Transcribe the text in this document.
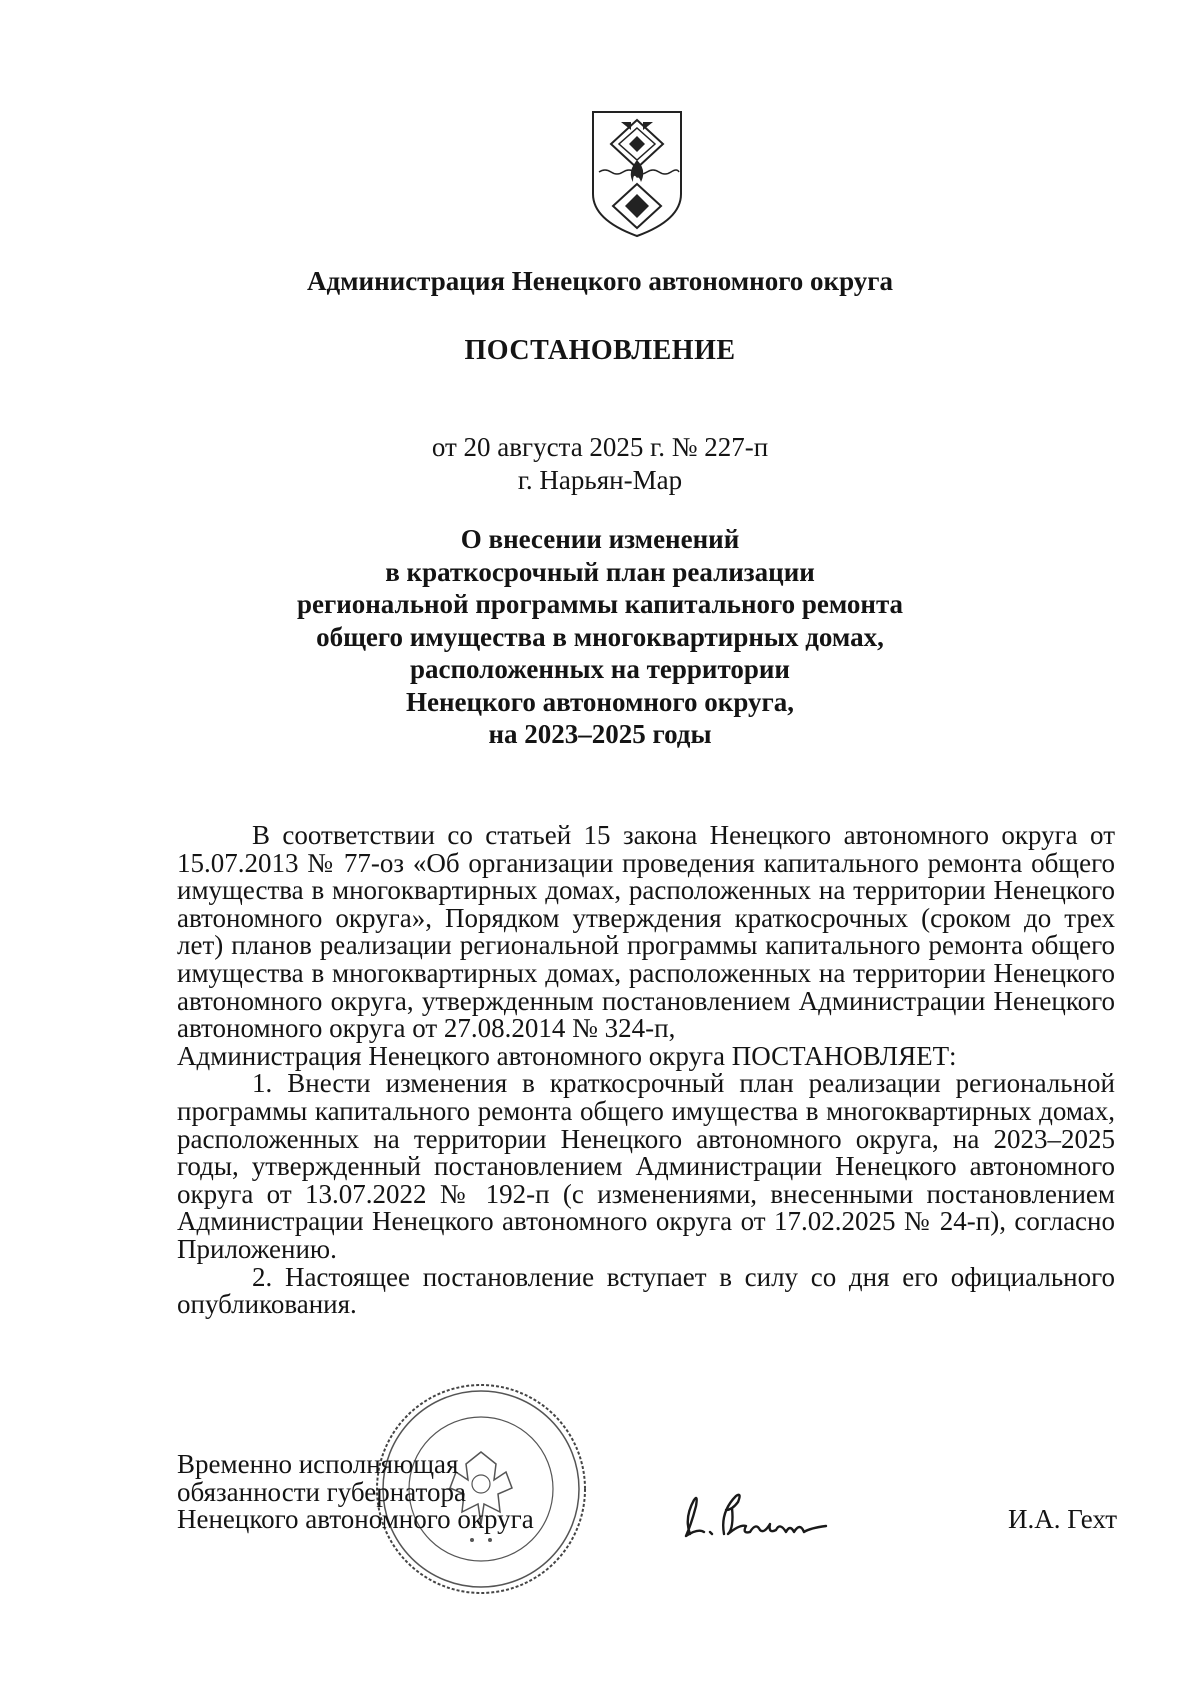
Администрация Ненецкого автономного округа
ПОСТАНОВЛЕНИЕ
от 20 августа 2025 г. № 227-п
г. Нарьян-Мар
О внесении изменений
в краткосрочный план реализации
региональной программы капитального ремонта
общего имущества в многоквартирных домах,
расположенных на территории
Ненецкого автономного округа,
на 2023–2025 годы
В соответствии со статьей 15 закона Ненецкого автономного округа от 15.07.2013 № 77-оз «Об организации проведения капитального ремонта общего имущества в многоквартирных домах, расположенных на территории Ненецкого автономного округа», Порядком утверждения краткосрочных (сроком до трех лет) планов реализации региональной программы капитального ремонта общего имущества в многоквартирных домах, расположенных на территории Ненецкого автономного округа, утвержденным постановлением Администрации Ненецкого автономного округа от 27.08.2014 № 324-п,
Администрация Ненецкого автономного округа ПОСТАНОВЛЯЕТ:
1. Внести изменения в краткосрочный план реализации региональной программы капитального ремонта общего имущества в многоквартирных домах, расположенных на территории Ненецкого автономного округа, на 2023–2025 годы, утвержденный постановлением Администрации Ненецкого автономного округа от 13.07.2022 № 192-п (с изменениями, внесенными постановлением Администрации Ненецкого автономного округа от 17.02.2025 № 24-п), согласно Приложению.
2. Настоящее постановление вступает в силу со дня его официального опубликования.
Временно исполняющая
обязанности губернатора
Ненецкого автономного округа	И.А. Гехт
